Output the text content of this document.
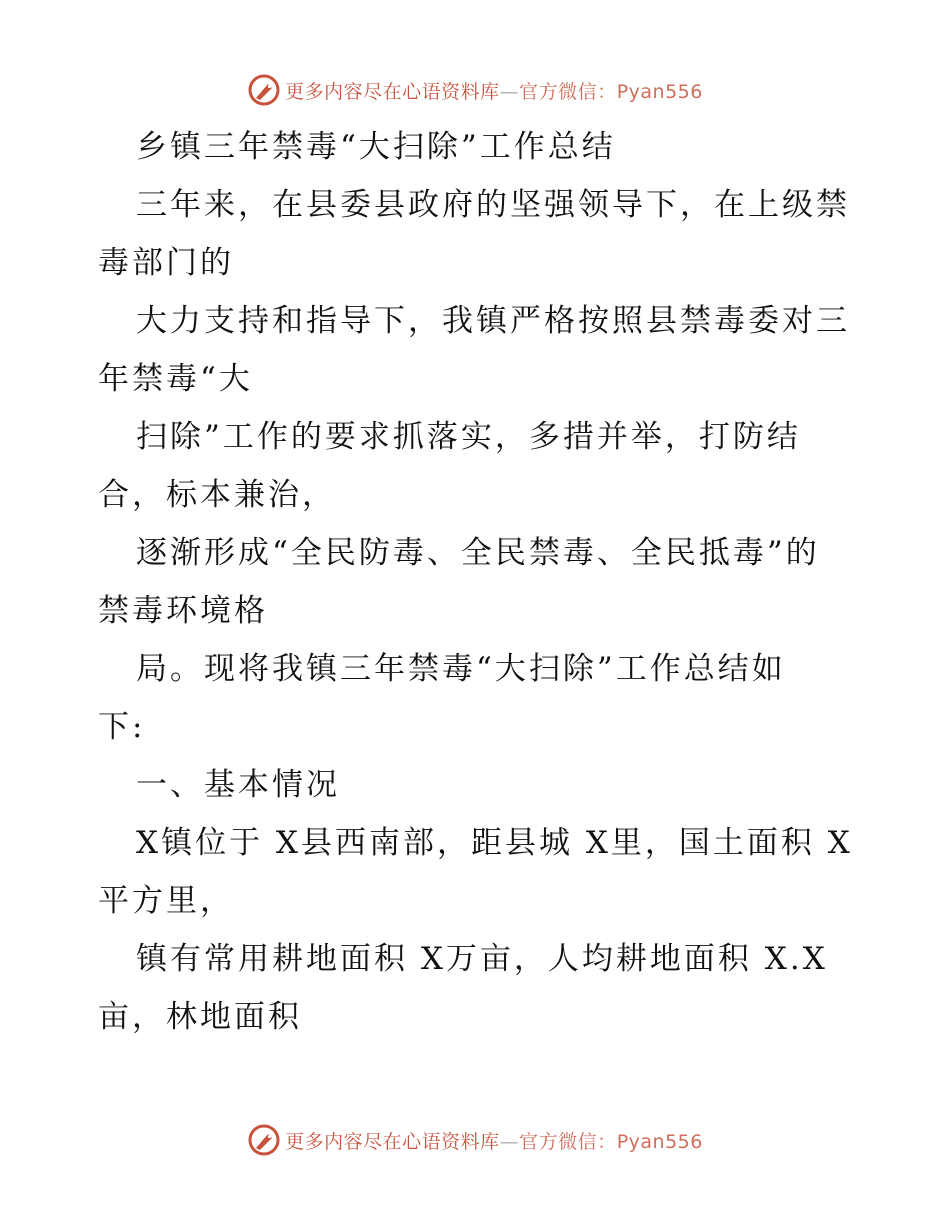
更多内容尽在心语资料库—官方微信：Pyan556
乡镇三年禁毒“大扫除”工作总结
三年来，在县委县政府的坚强领导下，在上级禁
毒部门的
大力支持和指导下，我镇严格按照县禁毒委对三
年禁毒“大
扫除”工作的要求抓落实，多措并举，打防结
合，标本兼治，
逐渐形成“全民防毒、全民禁毒、全民抵毒”的
禁毒环境格
局。现将我镇三年禁毒“大扫除”工作总结如
下:
一、基本情况
X镇位于 X县西南部，距县城 X里，国土面积 X
平方里，
镇有常用耕地面积 X万亩，人均耕地面积 X.X
亩，林地面积
更多内容尽在心语资料库—官方微信：Pyan556
